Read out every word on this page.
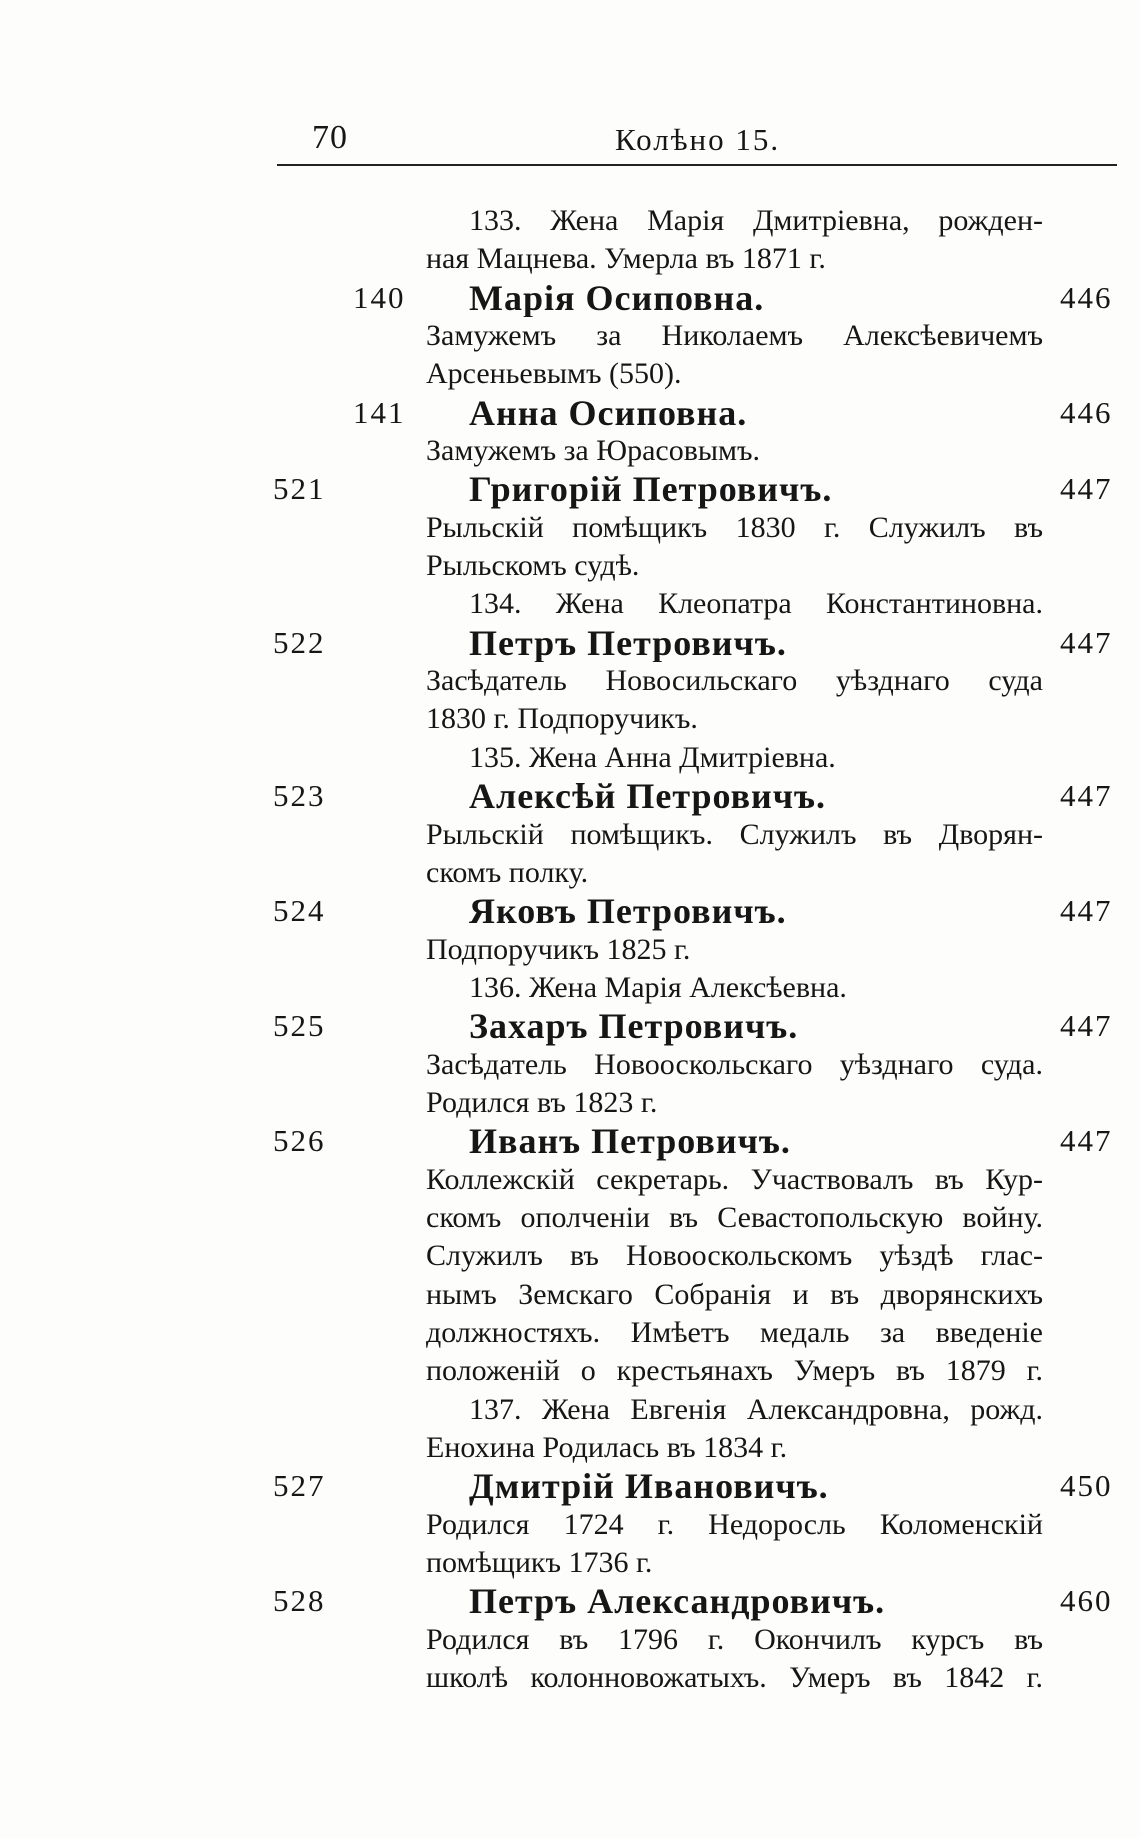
70	Колѣно 15.
133. Жена Марія Дмитріевна, рожден-
ная Мацнева. Умерла въ 1871 г.
140	Марія Осиповна.	446
Замужемъ за Николаемъ Алексѣевичемъ
Арсеньевымъ (550).
141	Анна Осиповна.	446
Замужемъ за Юрасовымъ.
521	Григорій Петровичъ.	447
Рыльскій помѣщикъ 1830 г. Служилъ въ
Рыльскомъ судѣ.
134. Жена Клеопатра Константиновна.
522	Петръ Петровичъ.	447
Засѣдатель Новосильскаго уѣзднаго суда
1830 г. Подпоручикъ.
135. Жена Анна Дмитріевна.
523	Алексѣй Петровичъ.	447
Рыльскій помѣщикъ. Служилъ въ Дворян-
скомъ полку.
524	Яковъ Петровичъ.	447
Подпоручикъ 1825 г.
136. Жена Марія Алексѣевна.
525	Захаръ Петровичъ.	447
Засѣдатель Новооскольскаго уѣзднаго суда.
Родился въ 1823 г.
526	Иванъ Петровичъ.	447
Коллежскій секретарь. Участвовалъ въ Кур-
скомъ ополченіи въ Севастопольскую войну.
Служилъ въ Новооскольскомъ уѣздѣ глас-
нымъ Земскаго Собранія и въ дворянскихъ
должностяхъ. Имѣетъ медаль за введеніе
положеній о крестьянахъ Умеръ въ 1879 г.
137. Жена Евгенія Александровна, рожд.
Енохина Родилась въ 1834 г.
527	Дмитрій Ивановичъ.	450
Родился 1724 г. Недоросль Коломенскій
помѣщикъ 1736 г.
528	Петръ Александровичъ.	460
Родился въ 1796 г. Окончилъ курсъ въ
школѣ колонновожатыхъ. Умеръ въ 1842 г.
